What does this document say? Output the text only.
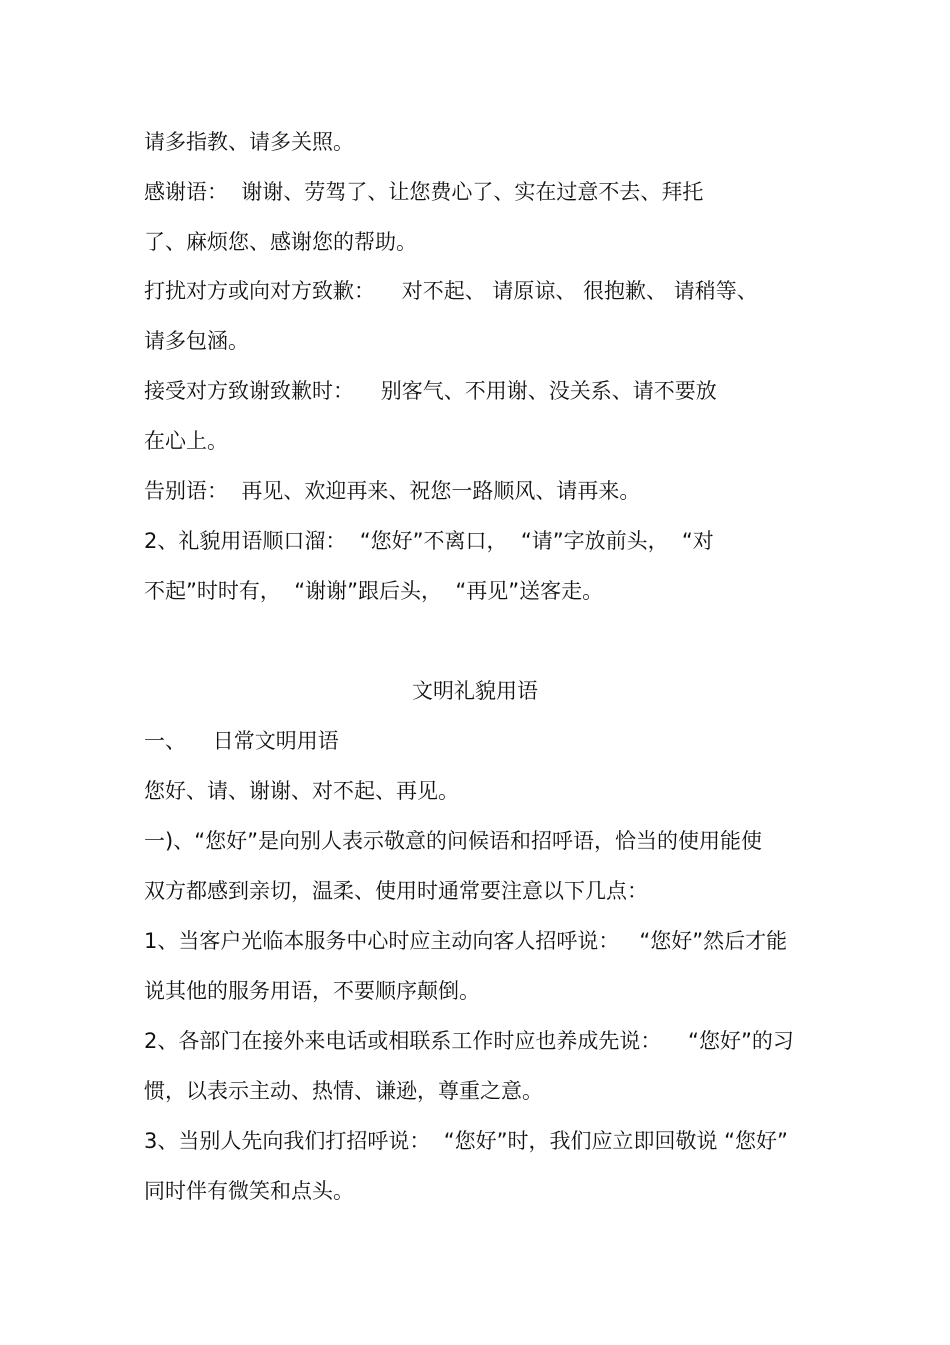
请多指教、请多关照。
感谢语：  谢谢、劳驾了、让您费心了、实在过意不去、拜托
了、麻烦您、感谢您的帮助。
打扰对方或向对方致歉：    对不起、 请原谅、 很抱歉、 请稍等、
请多包涵。
接受对方致谢致歉时：    别客气、不用谢、没关系、请不要放
在心上。
告别语：  再见、欢迎再来、祝您一路顺风、请再来。
2、礼貌用语顺口溜：  “您好”不离口，  “请”字放前头，  “对
不起”时时有，  “谢谢”跟后头，  “再见”送客走。
文明礼貌用语
一、    日常文明用语
您好、请、谢谢、对不起、再见。
一)、“您好”是向别人表示敬意的问候语和招呼语，恰当的使用能使
双方都感到亲切，温柔、使用时通常要注意以下几点：
1、当客户光临本服务中心时应主动向客人招呼说：   “您好”然后才能
说其他的服务用语，不要顺序颠倒。
2、各部门在接外来电话或相联系工作时应也养成先说：    “您好”的习
惯，以表示主动、热情、谦逊，尊重之意。
3、当别人先向我们打招呼说：  “您好”时，我们应立即回敬说 “您好”
同时伴有微笑和点头。
